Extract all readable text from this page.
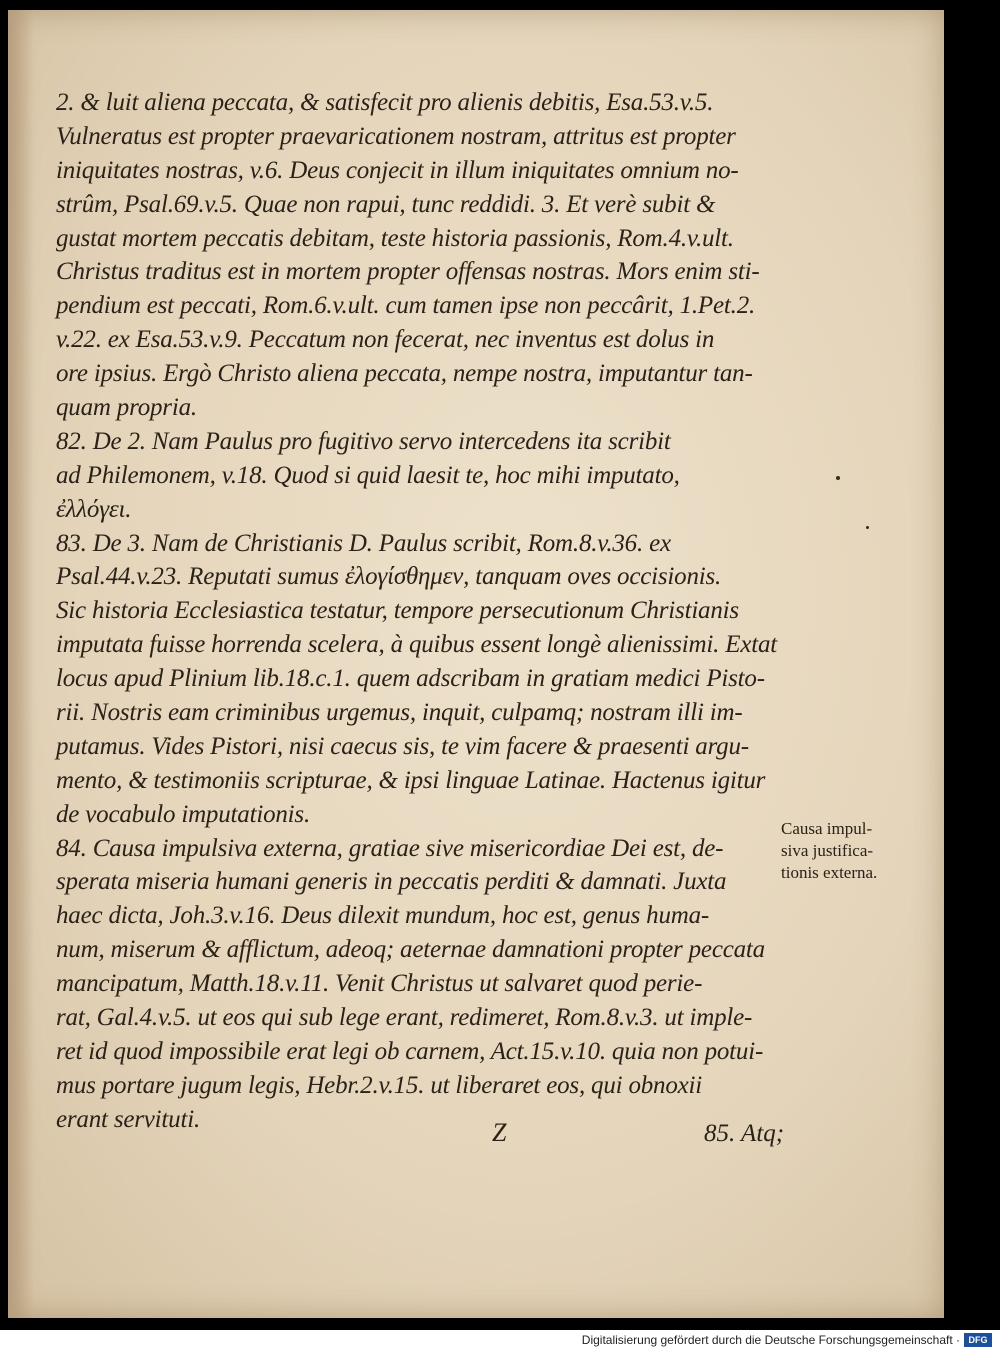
2. & luit aliena peccata, & satisfecit pro alienis debitis, Esa.53.v.5.
Vulneratus est propter praevaricationem nostram, attritus est propter
iniquitates nostras, v.6. Deus conjecit in illum iniquitates omnium no-
strûm, Psal.69.v.5. Quae non rapui, tunc reddidi. 3. Et verè subit &
gustat mortem peccatis debitam, teste historia passionis, Rom.4.v.ult.
Christus traditus est in mortem propter offensas nostras. Mors enim sti-
pendium est peccati, Rom.6.v.ult. cum tamen ipse non peccârit, 1.Pet.2.
v.22. ex Esa.53.v.9. Peccatum non fecerat, nec inventus est dolus in
ore ipsius. Ergò Christo aliena peccata, nempe nostra, imputantur tan-
quam propria.
82. De 2. Nam Paulus pro fugitivo servo intercedens ita scribit
ad Philemonem, v.18. Quod si quid laesit te, hoc mihi imputato,
ἐλλόγει.
83. De 3. Nam de Christianis D. Paulus scribit, Rom.8.v.36. ex
Psal.44.v.23. Reputati sumus ἐλογίσθημεν, tanquam oves occisionis.
Sic historia Ecclesiastica testatur, tempore persecutionum Christianis
imputata fuisse horrenda scelera, à quibus essent longè alienissimi. Extat
locus apud Plinium lib.18.c.1. quem adscribam in gratiam medici Pisto-
rii. Nostris eam criminibus urgemus, inquit, culpamq; nostram illi im-
putamus. Vides Pistori, nisi caecus sis, te vim facere & praesenti argu-
mento, & testimoniis scripturae, & ipsi linguae Latinae. Hactenus igitur
de vocabulo imputationis.
84. Causa impulsiva externa, gratiae sive misericordiae Dei est, de-
sperata miseria humani generis in peccatis perditi & damnati. Juxta
haec dicta, Joh.3.v.16. Deus dilexit mundum, hoc est, genus huma-
num, miserum & afflictum, adeoq; aeternae damnationi propter peccata
mancipatum, Matth.18.v.11. Venit Christus ut salvaret quod perie-
rat, Gal.4.v.5. ut eos qui sub lege erant, redimeret, Rom.8.v.3. ut imple-
ret id quod impossibile erat legi ob carnem, Act.15.v.10. quia non potui-
mus portare jugum legis, Hebr.2.v.15. ut liberaret eos, qui obnoxii
erant servituti.
Causa impul-
siva justifica-
tionis externa.
Z	85. Atq;
Digitalisierung gefördert durch die Deutsche Forschungsgemeinschaft · DFG
